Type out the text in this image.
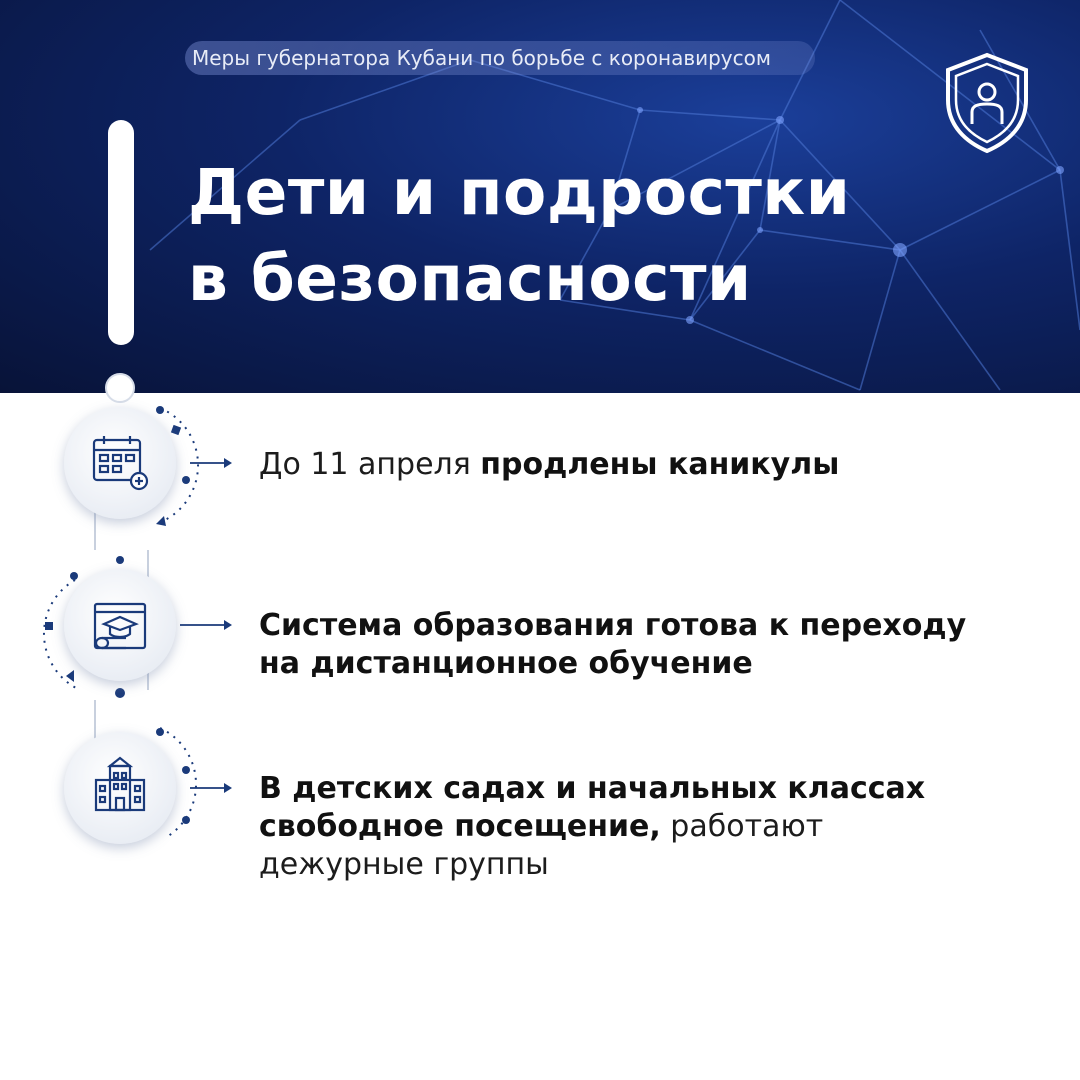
Меры губернатора Кубани по борьбе с коронавирусом
Дети и подростки
в безопасности
До 11 апреля продлены каникулы
Система образования готова к переходу
на дистанционное обучение
В детских садах и начальных классах
свободное посещение, работают
дежурные группы
